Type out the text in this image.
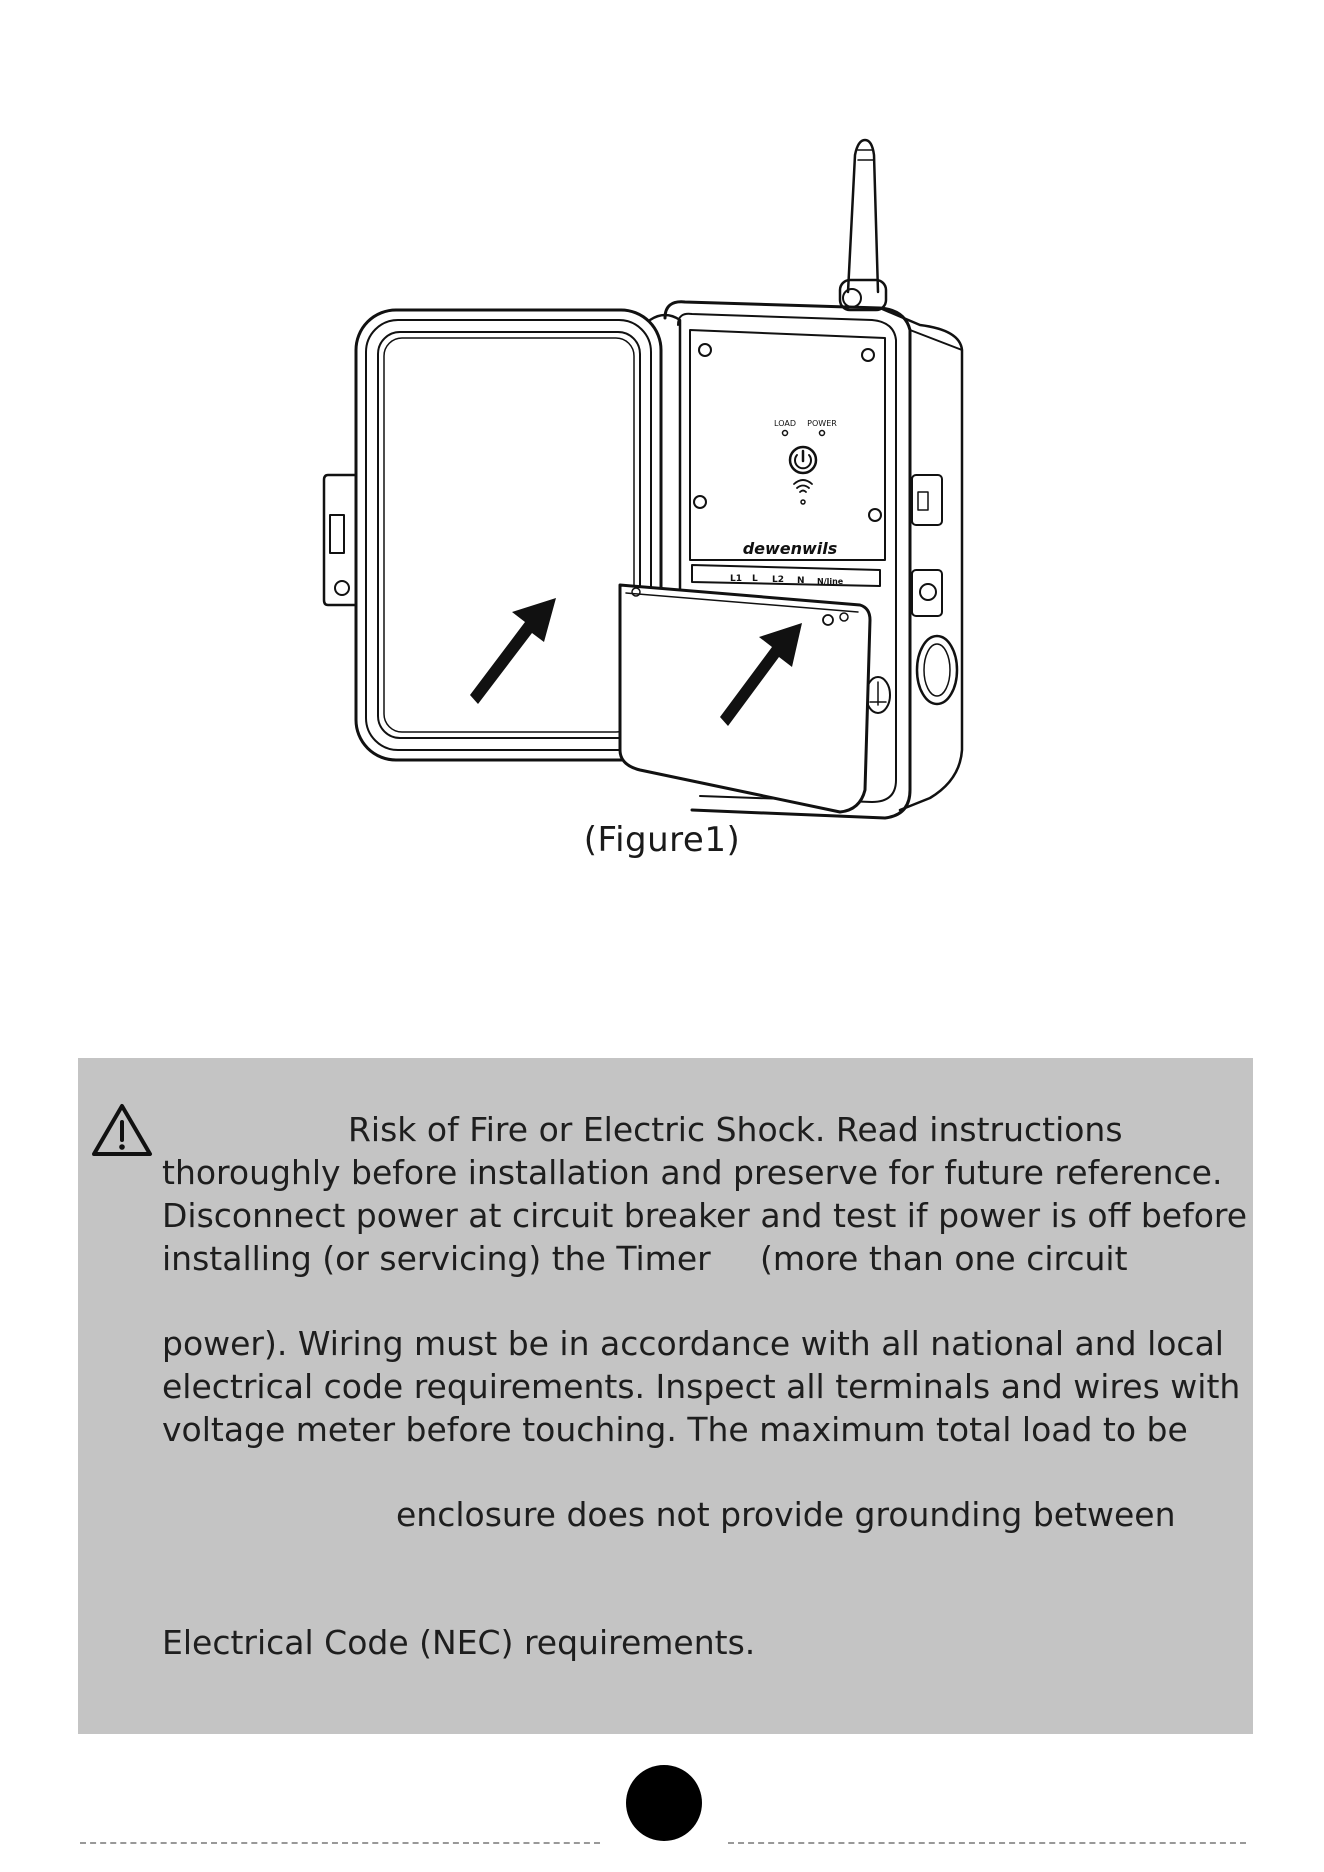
LOAD POWER
dewenwils
L1 L L2 N N/line
(Figure1)
Risk of Fire or Electric Shock. Read instructions
thoroughly before installation and preserve for future reference.
Disconnect power at circuit breaker and test if power is off before
installing (or servicing) the Timer (more than one circuit
power). Wiring must be in accordance with all national and local
electrical code requirements. Inspect all terminals and wires with
voltage meter before touching. The maximum total load to be
enclosure does not provide grounding between
Electrical Code (NEC) requirements.
